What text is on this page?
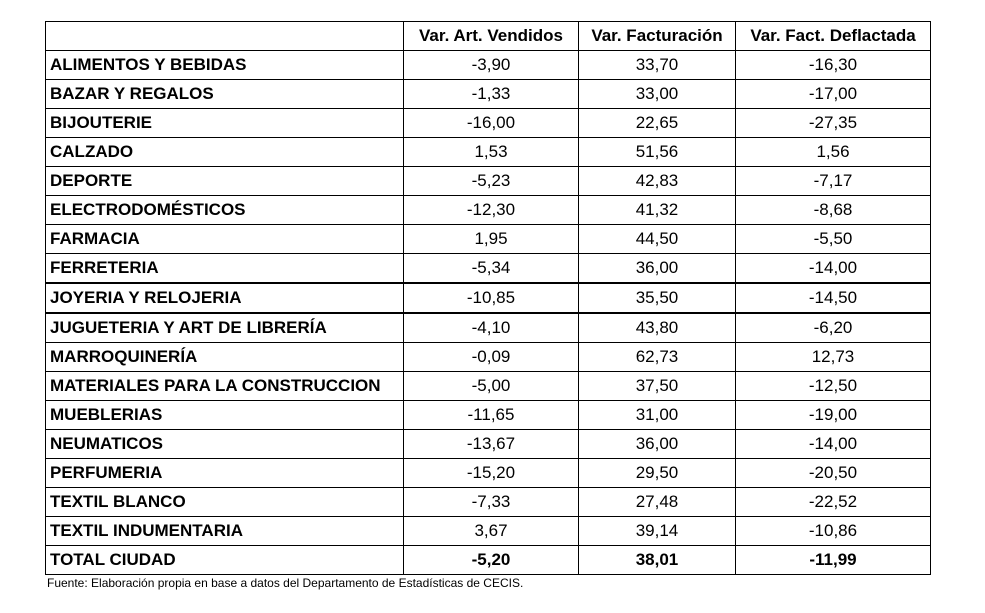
	Var. Art. Vendidos	Var. Facturación	Var. Fact. Deflactada
ALIMENTOS Y BEBIDAS	-3,90	33,70	-16,30
BAZAR Y REGALOS	-1,33	33,00	-17,00
BIJOUTERIE	-16,00	22,65	-27,35
CALZADO	1,53	51,56	1,56
DEPORTE	-5,23	42,83	-7,17
ELECTRODOMÉSTICOS	-12,30	41,32	-8,68
FARMACIA	1,95	44,50	-5,50
FERRETERIA	-5,34	36,00	-14,00
JOYERIA Y RELOJERIA	-10,85	35,50	-14,50
JUGUETERIA Y ART DE LIBRERÍA	-4,10	43,80	-6,20
MARROQUINERÍA	-0,09	62,73	12,73
MATERIALES PARA LA CONSTRUCCION	-5,00	37,50	-12,50
MUEBLERIAS	-11,65	31,00	-19,00
NEUMATICOS	-13,67	36,00	-14,00
PERFUMERIA	-15,20	29,50	-20,50
TEXTIL BLANCO	-7,33	27,48	-22,52
TEXTIL INDUMENTARIA	3,67	39,14	-10,86
TOTAL CIUDAD	-5,20	38,01	-11,99
Fuente: Elaboración propia en base a datos del Departamento de Estadísticas de CECIS.
